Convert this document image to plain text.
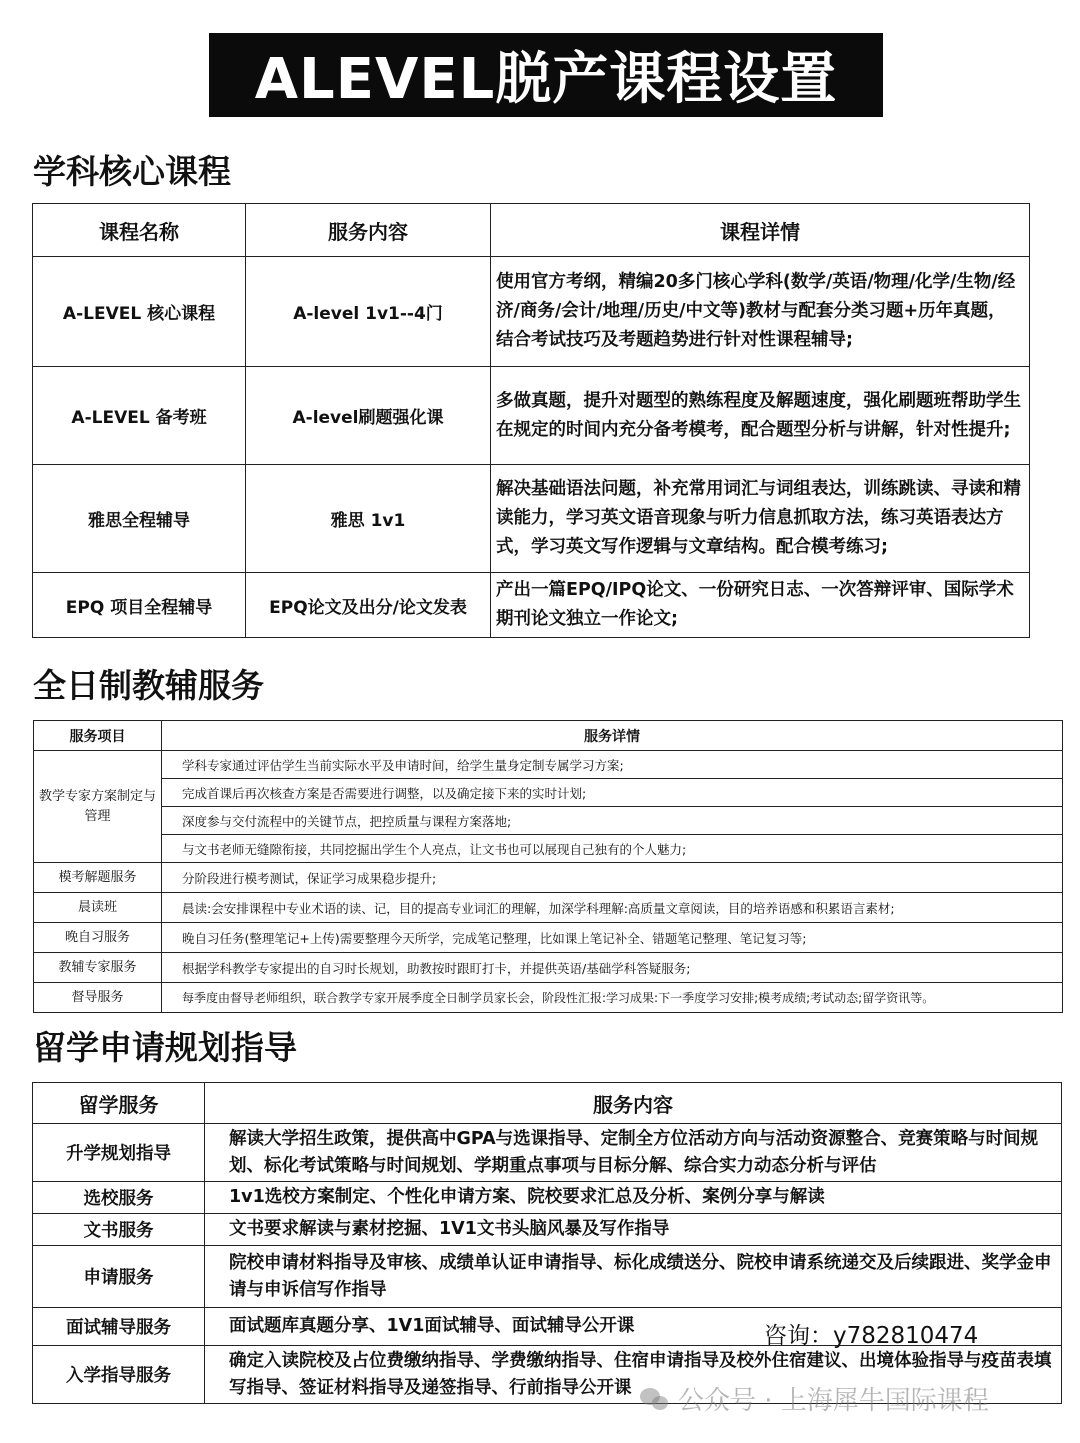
ALEVEL脱产课程设置
学科核心课程
课程名称	服务内容	课程详情
A-LEVEL 核心课程	A-level 1v1--4门	使用官方考纲，精编20多门核心学科(数学/英语/物理/化学/生物/经济/商务/会计/地理/历史/中文等)教材与配套分类习题+历年真题，结合考试技巧及考题趋势进行针对性课程辅导;
A-LEVEL 备考班	A-level刷题强化课	多做真题，提升对题型的熟练程度及解题速度，强化刷题班帮助学生在规定的时间内充分备考模考，配合题型分析与讲解，针对性提升;
雅思全程辅导	雅思 1v1	解决基础语法问题，补充常用词汇与词组表达，训练跳读、寻读和精读能力，学习英文语音现象与听力信息抓取方法，练习英语表达方式，学习英文写作逻辑与文章结构。配合模考练习;
EPQ 项目全程辅导	EPQ论文及出分/论文发表	产出一篇EPQ/IPQ论文、一份研究日志、一次答辩评审、国际学术期刊论文独立一作论文;
全日制教辅服务
服务项目	服务详情
教学专家方案制定与管理	学科专家通过评估学生当前实际水平及申请时间，给学生量身定制专属学习方案;
	完成首课后再次核查方案是否需要进行调整，以及确定接下来的实时计划;
	深度参与交付流程中的关键节点，把控质量与课程方案落地;
	与文书老师无缝隙衔接，共同挖掘出学生个人亮点，让文书也可以展现自己独有的个人魅力;
模考解题服务	分阶段进行模考测试，保证学习成果稳步提升;
晨读班	晨读:会安排课程中专业术语的读、记，目的提高专业词汇的理解，加深学科理解:高质量文章阅读，目的培养语感和积累语言素材;
晚自习服务	晚自习任务(整理笔记+上传)需要整理今天所学，完成笔记整理，比如课上笔记补全、错题笔记整理、笔记复习等;
教辅专家服务	根据学科教学专家提出的自习时长规划，助教按时跟盯打卡，并提供英语/基础学科答疑服务;
督导服务	每季度由督导老师组织，联合教学专家开展季度全日制学员家长会，阶段性汇报:学习成果:下一季度学习安排;模考成绩;考试动态;留学资讯等。
留学申请规划指导
留学服务	服务内容
升学规划指导	解读大学招生政策，提供高中GPA与选课指导、定制全方位活动方向与活动资源整合、竞赛策略与时间规划、标化考试策略与时间规划、学期重点事项与目标分解、综合实力动态分析与评估
选校服务	1v1选校方案制定、个性化申请方案、院校要求汇总及分析、案例分享与解读
文书服务	文书要求解读与素材挖掘、1V1文书头脑风暴及写作指导
申请服务	院校申请材料指导及审核、成绩单认证申请指导、标化成绩送分、院校申请系统递交及后续跟进、奖学金申请与申诉信写作指导
面试辅导服务	面试题库真题分享、1V1面试辅导、面试辅导公开课
入学指导服务	确定入读院校及占位费缴纳指导、学费缴纳指导、住宿申请指导及校外住宿建议、出境体验指导与疫苗表填写指导、签证材料指导及递签指导、行前指导公开课
咨询：y782810474
公众号 · 上海犀牛国际课程
